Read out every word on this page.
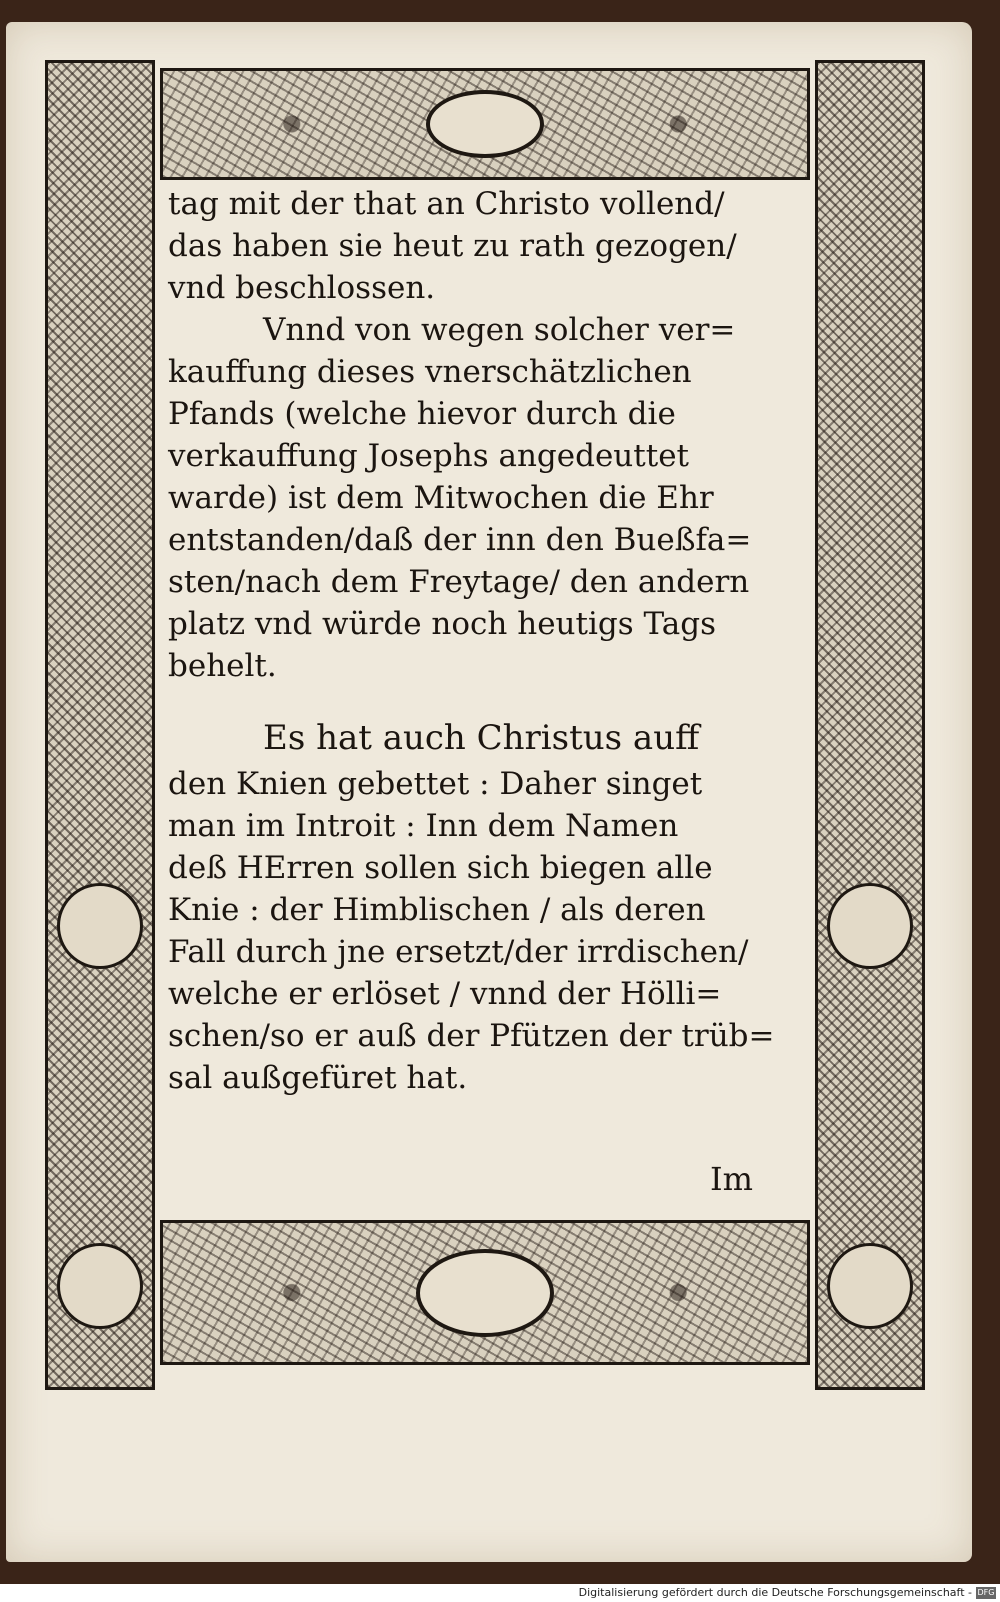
tag mit der that an Christo vollend/
das haben sie heut zu rath gezogen/
vnd beschlossen.
Vnnd von wegen solcher ver=
kauffung dieses vnerschätzlichen
Pfands (welche hievor durch die
verkauffung Josephs angedeuttet
warde) ist dem Mitwochen die Ehr
entstanden/daß der inn den Bueßfa=
sten/nach dem Freytage/ den andern
platz vnd würde noch heutigs Tags
behelt.
Es hat auch Christus auff
den Knien gebettet : Daher singet
man im Introit : Inn dem Namen
deß HErren sollen sich biegen alle
Knie : der Himblischen / als deren
Fall durch jne ersetzt/der irrdischen/
welche er erlöset / vnnd der Hölli=
schen/so er auß der Pfützen der trüb=
sal außgefüret hat.
Im
Digitalisierung gefördert durch die Deutsche Forschungsgemeinschaft - DFG
